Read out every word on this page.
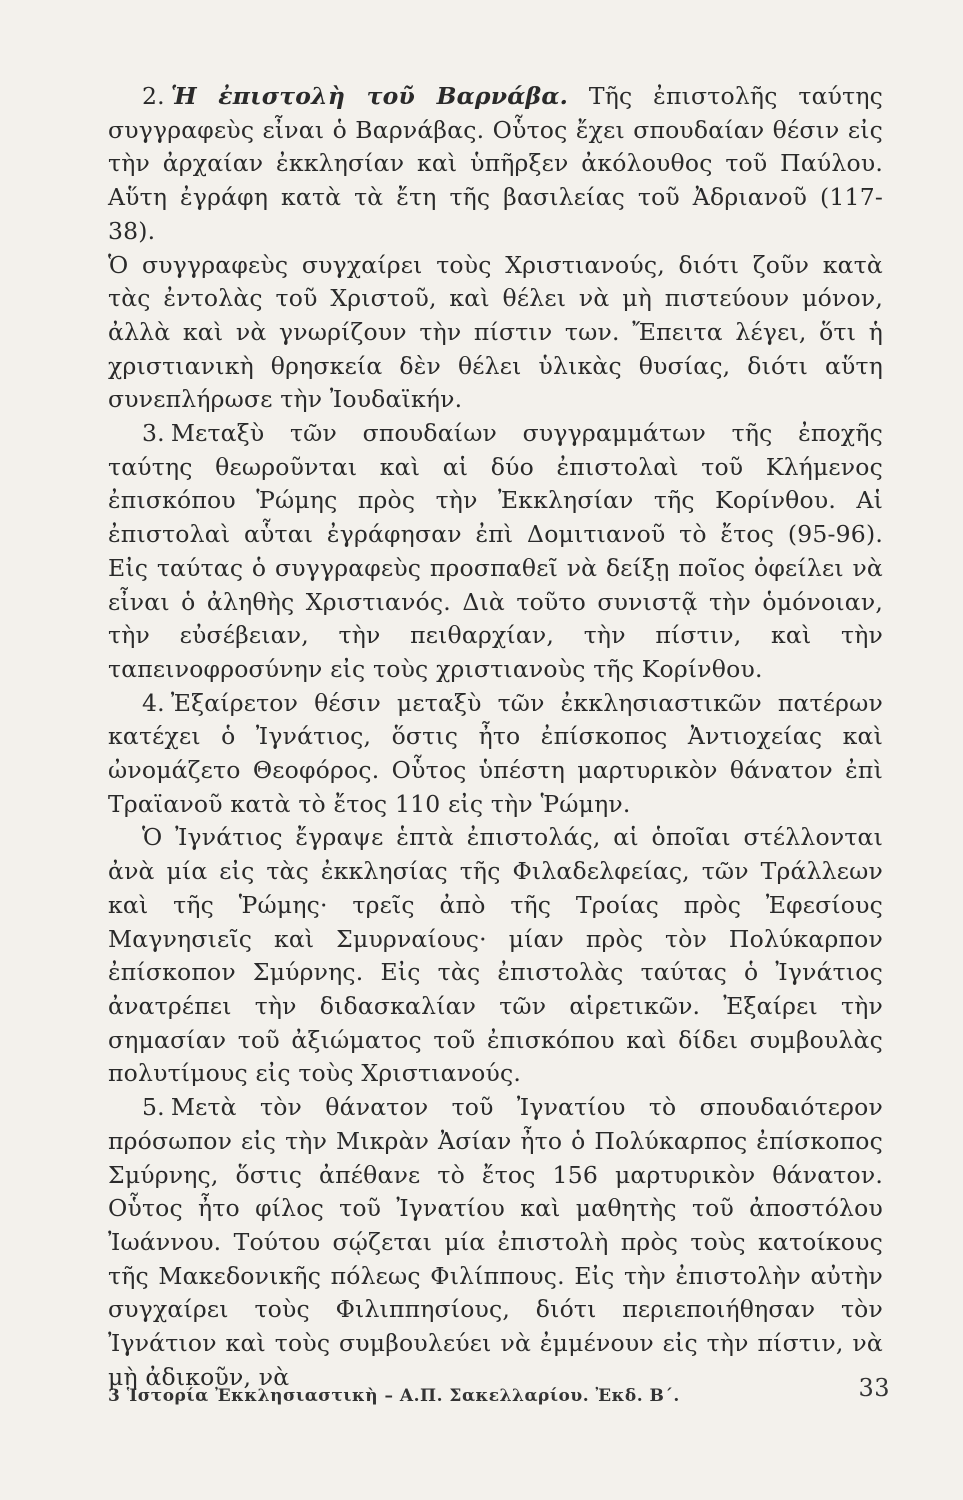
2. Ἡ ἐπιστολὴ τοῦ Βαρνάβα. Τῆς ἐπιστολῆς ταύτης συγγραφεὺς εἶναι ὁ Βαρνάβας. Οὗτος ἔχει σπουδαίαν θέσιν εἰς τὴν ἀρχαίαν ἐκκλησίαν καὶ ὑπῆρξεν ἀκόλουθος τοῦ Παύλου. Αὕτη ἐγράφη κατὰ τὰ ἔτη τῆς βασιλείας τοῦ Ἀδριανοῦ (117-38).

Ὁ συγγραφεὺς συγχαίρει τοὺς Χριστιανούς, διότι ζοῦν κατὰ τὰς ἐντολὰς τοῦ Χριστοῦ, καὶ θέλει νὰ μὴ πιστεύουν μόνον, ἀλλὰ καὶ νὰ γνωρίζουν τὴν πίστιν των. Ἔπειτα λέγει, ὅτι ἡ χριστιανικὴ θρησκεία δὲν θέλει ὑλικὰς θυσίας, διότι αὕτη συνεπλήρωσε τὴν Ἰουδαϊκήν.

3. Μεταξὺ τῶν σπουδαίων συγγραμμάτων τῆς ἐποχῆς ταύτης θεωροῦνται καὶ αἱ δύο ἐπιστολαὶ τοῦ Κλήμενος ἐπισκόπου Ῥώμης πρὸς τὴν Ἐκκλησίαν τῆς Κορίνθου. Αἱ ἐπιστολαὶ αὗται ἐγράφησαν ἐπὶ Δομιτιανοῦ τὸ ἔτος (95-96). Εἰς ταύτας ὁ συγγραφεὺς προσπαθεῖ νὰ δείξῃ ποῖος ὀφείλει νὰ εἶναι ὁ ἀληθὴς Χριστιανός. Διὰ τοῦτο συνιστᾷ τὴν ὁμόνοιαν, τὴν εὐσέβειαν, τὴν πειθαρχίαν, τὴν πίστιν, καὶ τὴν ταπεινοφροσύνην εἰς τοὺς χριστιανοὺς τῆς Κορίνθου.

4. Ἐξαίρετον θέσιν μεταξὺ τῶν ἐκκλησιαστικῶν πατέρων κατέχει ὁ Ἰγνάτιος, ὅστις ἦτο ἐπίσκοπος Ἀντιοχείας καὶ ὠνομάζετο Θεοφόρος. Οὗτος ὑπέστη μαρτυρικὸν θάνατον ἐπὶ Τραϊανοῦ κατὰ τὸ ἔτος 110 εἰς τὴν Ῥώμην.

Ὁ Ἰγνάτιος ἔγραψε ἑπτὰ ἐπιστολάς, αἱ ὁποῖαι στέλλονται ἀνὰ μία εἰς τὰς ἐκκλησίας τῆς Φιλαδελφείας, τῶν Τράλλεων καὶ τῆς Ῥώμης· τρεῖς ἀπὸ τῆς Τροίας πρὸς Ἐφεσίους Μαγνησιεῖς καὶ Σμυρναίους· μίαν πρὸς τὸν Πολύκαρπον ἐπίσκοπον Σμύρνης. Εἰς τὰς ἐπιστολὰς ταύτας ὁ Ἰγνάτιος ἀνατρέπει τὴν διδασκαλίαν τῶν αἱρετικῶν. Ἐξαίρει τὴν σημασίαν τοῦ ἀξιώματος τοῦ ἐπισκόπου καὶ δίδει συμβουλὰς πολυτίμους εἰς τοὺς Χριστιανούς.

5. Μετὰ τὸν θάνατον τοῦ Ἰγνατίου τὸ σπουδαιότερον πρόσωπον εἰς τὴν Μικρὰν Ἀσίαν ἦτο ὁ Πολύκαρπος ἐπίσκοπος Σμύρνης, ὅστις ἀπέθανε τὸ ἔτος 156 μαρτυρικὸν θάνατον. Οὗτος ἦτο φίλος τοῦ Ἰγνατίου καὶ μαθητὴς τοῦ ἀποστόλου Ἰωάννου. Τούτου σῴζεται μία ἐπιστολὴ πρὸς τοὺς κατοίκους τῆς Μακεδονικῆς πόλεως Φιλίππους. Εἰς τὴν ἐπιστολὴν αὐτὴν συγχαίρει τοὺς Φιλιππησίους, διότι περιεποιήθησαν τὸν Ἰγνάτιον καὶ τοὺς συμβουλεύει νὰ ἐμμένουν εἰς τὴν πίστιν, νὰ μὴ ἀδικοῦν, νὰ

3 Ἱστορία Ἐκκλησιαστικὴ – Α.Π. Σακελλαρίου. Ἐκδ. Β΄.	33
